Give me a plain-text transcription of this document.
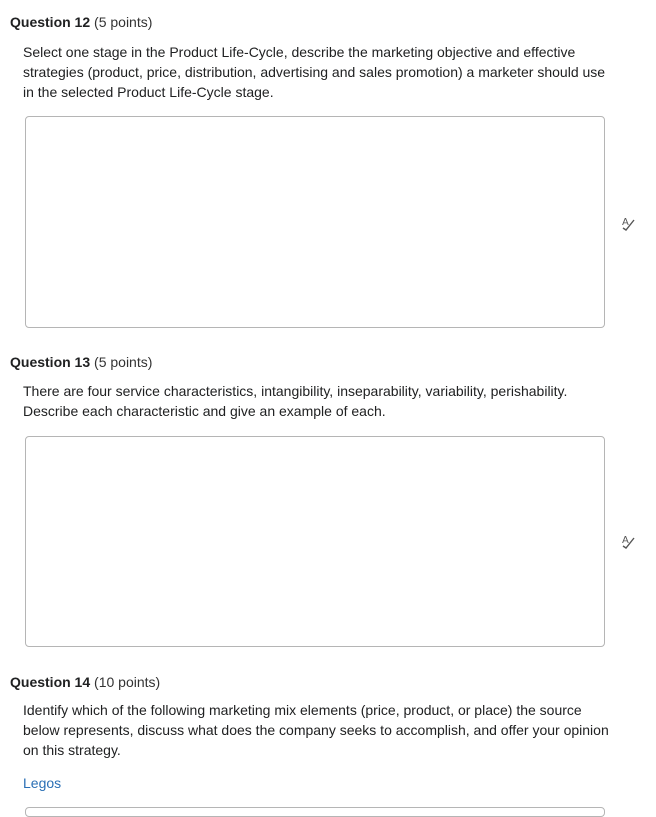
Question 12 (5 points)
Select one stage in the Product Life-Cycle, describe the marketing objective and effective strategies (product, price, distribution, advertising and sales promotion) a marketer should use in the selected Product Life-Cycle stage.
A
Question 13 (5 points)
There are four service characteristics, intangibility, inseparability, variability, perishability. Describe each characteristic and give an example of each.
A
Question 14 (10 points)
Identify which of the following marketing mix elements (price, product, or place) the source below represents, discuss what does the company seeks to accomplish, and offer your opinion on this strategy.
Legos
